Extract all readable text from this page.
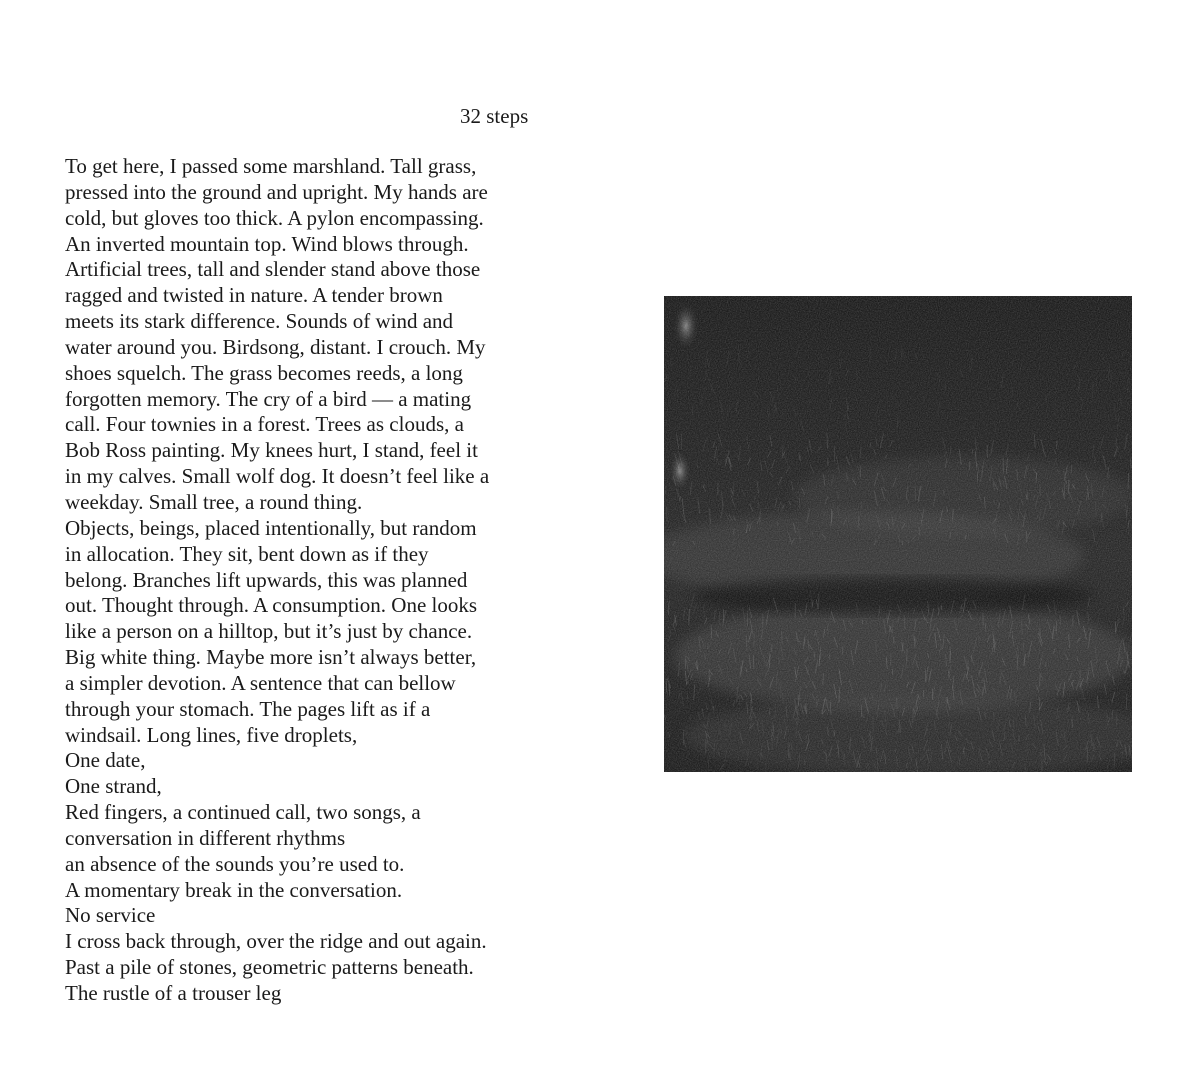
32 steps
To get here, I passed some marshland. Tall grass,
pressed into the ground and upright. My hands are
cold, but gloves too thick. A pylon encompassing.
An inverted mountain top. Wind blows through.
Artificial trees, tall and slender stand above those
ragged and twisted in nature. A tender brown
meets its stark difference. Sounds of wind and
water around you. Birdsong, distant. I crouch. My
shoes squelch. The grass becomes reeds, a long
forgotten memory. The cry of a bird — a mating
call. Four townies in a forest. Trees as clouds, a
Bob Ross painting. My knees hurt, I stand, feel it
in my calves. Small wolf dog. It doesn’t feel like a
weekday. Small tree, a round thing.
Objects, beings, placed intentionally, but random
in allocation. They sit, bent down as if they
belong. Branches lift upwards, this was planned
out. Thought through. A consumption. One looks
like a person on a hilltop, but it’s just by chance.
Big white thing. Maybe more isn’t always better,
a simpler devotion. A sentence that can bellow
through your stomach. The pages lift as if a
windsail. Long lines, five droplets,
One date,
One strand,
Red fingers, a continued call, two songs, a
conversation in different rhythms
an absence of the sounds you’re used to.
A momentary break in the conversation.
No service
I cross back through, over the ridge and out again.
Past a pile of stones, geometric patterns beneath.
The rustle of a trouser leg
